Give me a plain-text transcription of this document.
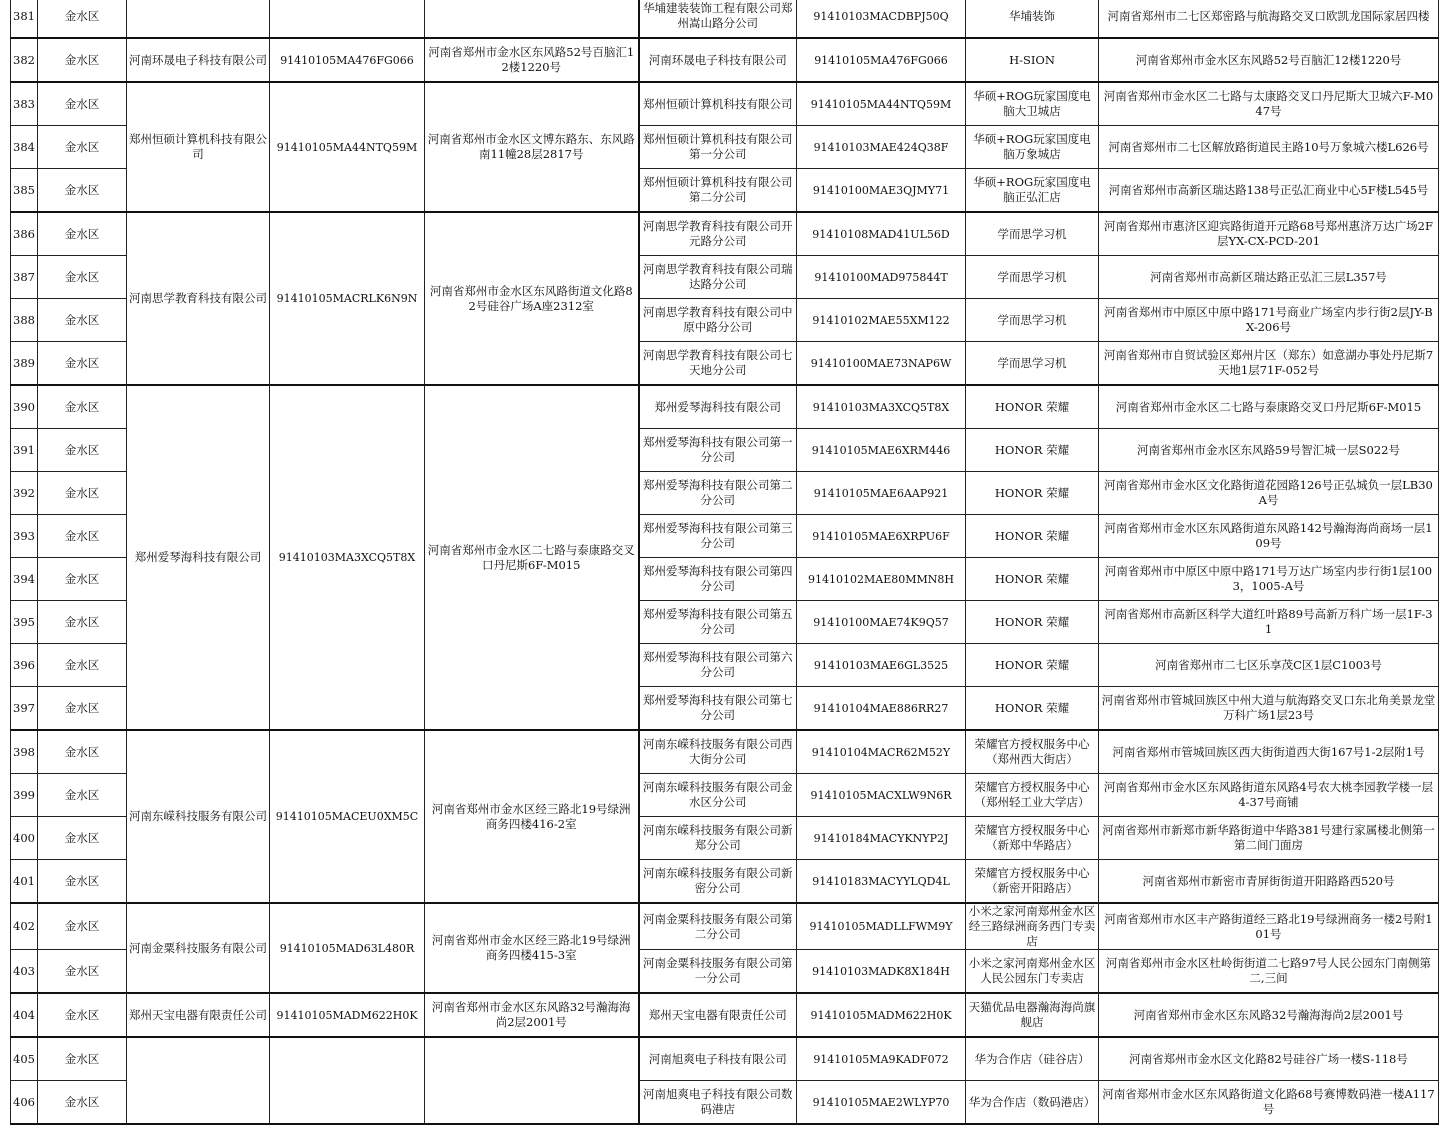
381	金水区				华埔建装装饰工程有限公司郑州嵩山路分公司	91410103MACDBPJ50Q	华埔装饰	河南省郑州市二七区郑密路与航海路交叉口欧凯龙国际家居四楼
382	金水区	河南环晟电子科技有限公司	91410105MA476FG066	河南省郑州市金水区东风路52号百脑汇12楼1220号	河南环晟电子科技有限公司	91410105MA476FG066	H-SION	河南省郑州市金水区东风路52号百脑汇12楼1220号
383	金水区	郑州恒硕计算机科技有限公司	91410105MA44NTQ59M	河南省郑州市金水区文博东路东、东风路南11幢28层2817号	郑州恒硕计算机科技有限公司	91410105MA44NTQ59M	华硕+ROG玩家国度电脑大卫城店	河南省郑州市金水区二七路与太康路交叉口丹尼斯大卫城六F-M047号
384	金水区				郑州恒硕计算机科技有限公司第一分公司	91410103MAE424Q38F	华硕+ROG玩家国度电脑万象城店	河南省郑州市二七区解放路街道民主路10号万象城六楼L626号
385	金水区				郑州恒硕计算机科技有限公司第二分公司	91410100MAE3QJMY71	华硕+ROG玩家国度电脑正弘汇店	河南省郑州市高新区瑞达路138号正弘汇商业中心5F楼L545号
386	金水区	河南思学教育科技有限公司	91410105MACRLK6N9N	河南省郑州市金水区东风路街道文化路82号硅谷广场A座2312室	河南思学教育科技有限公司开元路分公司	91410108MAD41UL56D	学而思学习机	河南省郑州市惠济区迎宾路街道开元路68号郑州惠济万达广场2F层YX-CX-PCD-201
387	金水区				河南思学教育科技有限公司瑞达路分公司	91410100MAD975844T	学而思学习机	河南省郑州市高新区瑞达路正弘汇三层L357号
388	金水区				河南思学教育科技有限公司中原中路分公司	91410102MAE55XM122	学而思学习机	河南省郑州市中原区中原中路171号商业广场室内步行街2层JY-BX-206号
389	金水区				河南思学教育科技有限公司七天地分公司	91410100MAE73NAP6W	学而思学习机	河南省郑州市自贸试验区郑州片区（郑东）如意湖办事处丹尼斯7天地1层71F-052号
390	金水区	郑州爱琴海科技有限公司	91410103MA3XCQ5T8X	河南省郑州市金水区二七路与泰康路交叉口丹尼斯6F-M015	郑州爱琴海科技有限公司	91410103MA3XCQ5T8X	HONOR 荣耀	河南省郑州市金水区二七路与泰康路交叉口丹尼斯6F-M015
391	金水区				郑州爱琴海科技有限公司第一分公司	91410105MAE6XRM446	HONOR 荣耀	河南省郑州市金水区东风路59号智汇城一层S022号
392	金水区				郑州爱琴海科技有限公司第二分公司	91410105MAE6AAP921	HONOR 荣耀	河南省郑州市金水区文化路街道花园路126号正弘城负一层LB30A号
393	金水区				郑州爱琴海科技有限公司第三分公司	91410105MAE6XRPU6F	HONOR 荣耀	河南省郑州市金水区东风路街道东风路142号瀚海海尚商场一层109号
394	金水区				郑州爱琴海科技有限公司第四分公司	91410102MAE80MMN8H	HONOR 荣耀	河南省郑州市中原区中原中路171号万达广场室内步行街1层1003，1005-A号
395	金水区				郑州爱琴海科技有限公司第五分公司	91410100MAE74K9Q57	HONOR 荣耀	河南省郑州市高新区科学大道红叶路89号高新万科广场一层1F-31
396	金水区				郑州爱琴海科技有限公司第六分公司	91410103MAE6GL3525	HONOR 荣耀	河南省郑州市二七区乐享茂C区1层C1003号
397	金水区				郑州爱琴海科技有限公司第七分公司	91410104MAE886RR27	HONOR 荣耀	河南省郑州市管城回族区中州大道与航海路交叉口东北角美景龙堂万科广场1层23号
398	金水区	河南东嵘科技服务有限公司	91410105MACEU0XM5C	河南省郑州市金水区经三路北19号绿洲商务四楼416-2室	河南东嵘科技服务有限公司西大街分公司	91410104MACR62M52Y	荣耀官方授权服务中心（郑州西大街店）	河南省郑州市管城回族区西大街街道西大街167号1-2层附1号
399	金水区				河南东嵘科技服务有限公司金水区分公司	91410105MACXLW9N6R	荣耀官方授权服务中心（郑州轻工业大学店）	河南省郑州市金水区东风路街道东风路4号农大桃李园教学楼一层4-37号商铺
400	金水区				河南东嵘科技服务有限公司新郑分公司	91410184MACYKNYP2J	荣耀官方授权服务中心（新郑中华路店）	河南省郑州市新郑市新华路街道中华路381号建行家属楼北侧第一第二间门面房
401	金水区				河南东嵘科技服务有限公司新密分公司	91410183MACYYLQD4L	荣耀官方授权服务中心（新密开阳路店）	河南省郑州市新密市青屏街街道开阳路路西520号
402	金水区	河南金粟科技服务有限公司	91410105MAD63L480R	河南省郑州市金水区经三路北19号绿洲商务四楼415-3室	河南金粟科技服务有限公司第二分公司	91410105MADLLFWM9Y	小米之家河南郑州金水区经三路绿洲商务西门专卖店	河南省郑州市水区丰产路街道经三路北19号绿洲商务一楼2号附101号
403	金水区				河南金粟科技服务有限公司第一分公司	91410103MADK8X184H	小米之家河南郑州金水区人民公园东门专卖店	河南省郑州市金水区杜岭街街道二七路97号人民公园东门南侧第二,三间
404	金水区	郑州天宝电器有限责任公司	91410105MADM622H0K	河南省郑州市金水区东风路32号瀚海海尚2层2001号	郑州天宝电器有限责任公司	91410105MADM622H0K	天猫优品电器瀚海海尚旗舰店	河南省郑州市金水区东风路32号瀚海海尚2层2001号
405	金水区				河南旭爽电子科技有限公司	91410105MA9KADF072	华为合作店（硅谷店）	河南省郑州市金水区文化路82号硅谷广场一楼S-118号
406	金水区				河南旭爽电子科技有限公司数码港店	91410105MAE2WLYP70	华为合作店（数码港店）	河南省郑州市金水区东风路街道文化路68号赛博数码港一楼A117号
